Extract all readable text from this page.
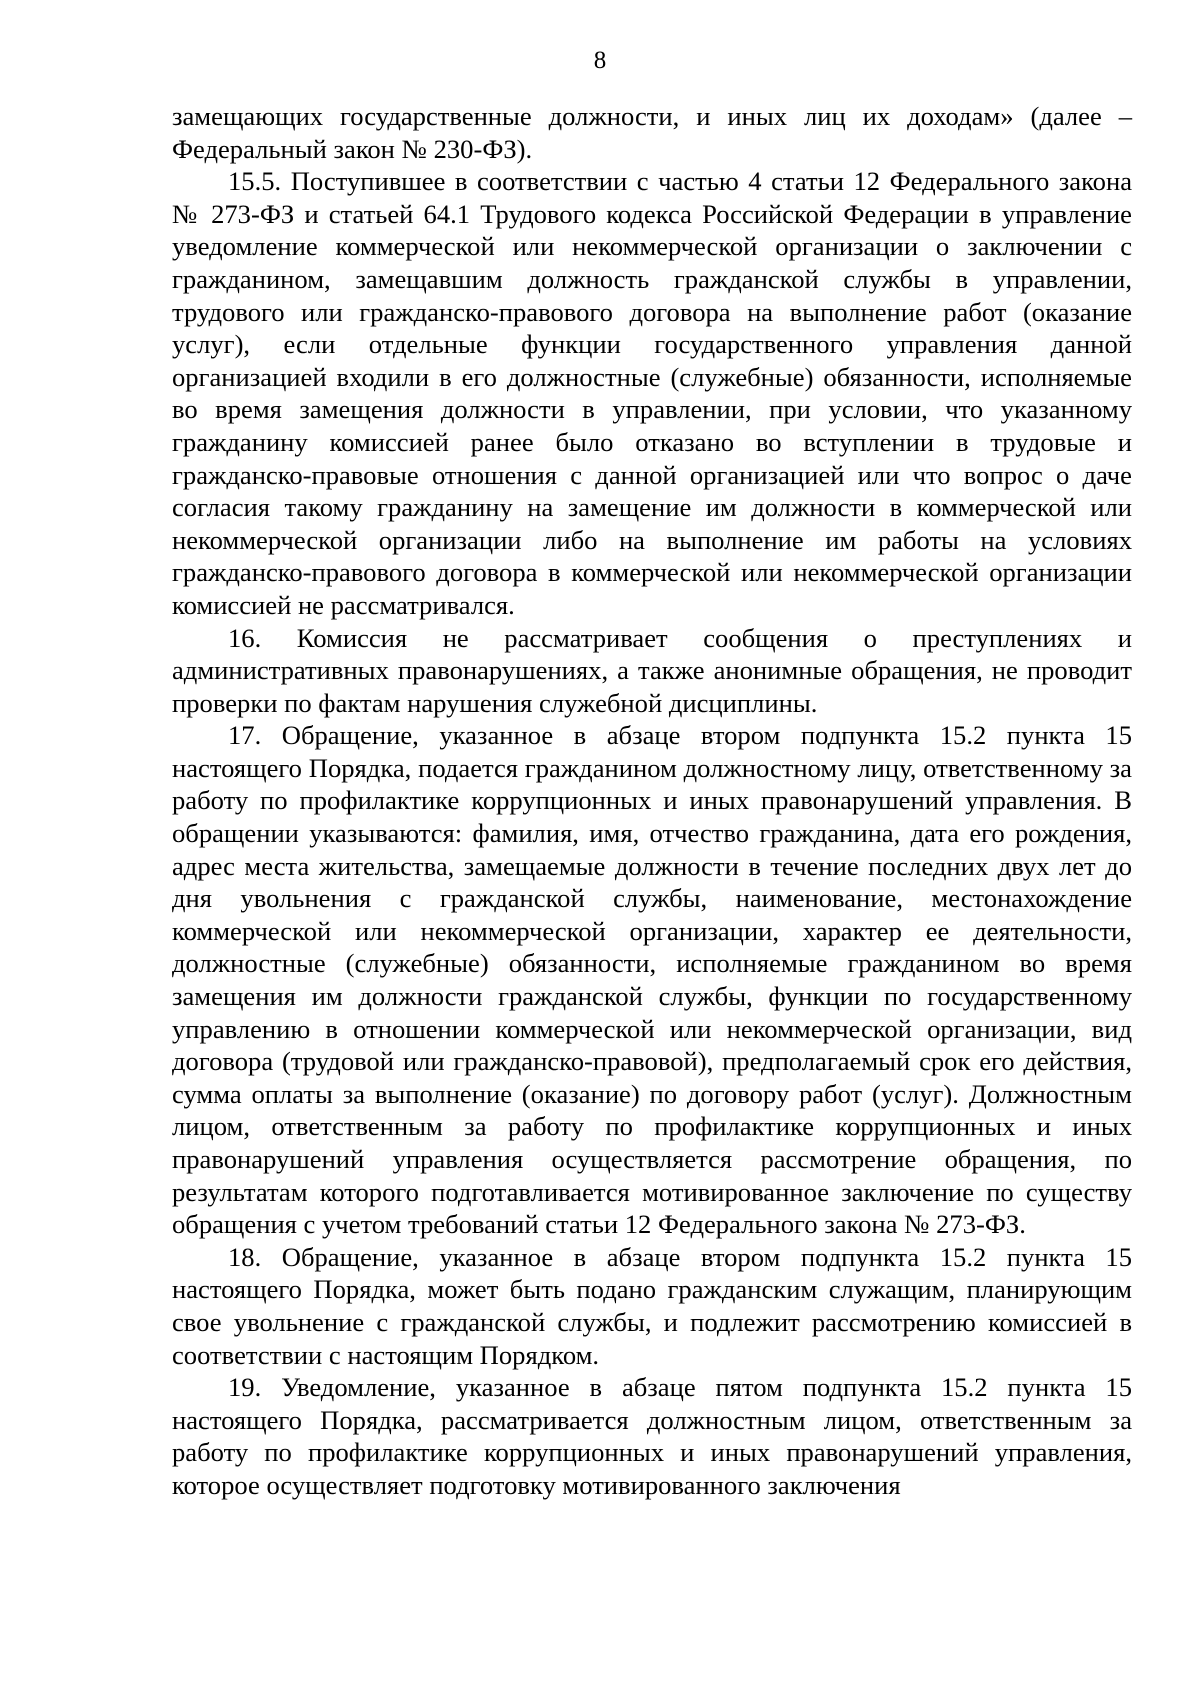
8

замещающих государственные должности, и иных лиц их доходам» (далее – Федеральный закон № 230-ФЗ).

15.5. Поступившее в соответствии с частью 4 статьи 12 Федерального закона № 273-ФЗ и статьей 64.1 Трудового кодекса Российской Федерации в управление уведомление коммерческой или некоммерческой организации о заключении с гражданином, замещавшим должность гражданской службы в управлении, трудового или гражданско-правового договора на выполнение работ (оказание услуг), если отдельные функции государственного управления данной организацией входили в его должностные (служебные) обязанности, исполняемые во время замещения должности в управлении, при условии, что указанному гражданину комиссией ранее было отказано во вступлении в трудовые и гражданско-правовые отношения с данной организацией или что вопрос о даче согласия такому гражданину на замещение им должности в коммерческой или некоммерческой организации либо на выполнение им работы на условиях гражданско-правового договора в коммерческой или некоммерческой организации комиссией не рассматривался.

16. Комиссия не рассматривает сообщения о преступлениях и административных правонарушениях, а также анонимные обращения, не проводит проверки по фактам нарушения служебной дисциплины.

17. Обращение, указанное в абзаце втором подпункта 15.2 пункта 15 настоящего Порядка, подается гражданином должностному лицу, ответственному за работу по профилактике коррупционных и иных правонарушений управления. В обращении указываются: фамилия, имя, отчество гражданина, дата его рождения, адрес места жительства, замещаемые должности в течение последних двух лет до дня увольнения с гражданской службы, наименование, местонахождение коммерческой или некоммерческой организации, характер ее деятельности, должностные (служебные) обязанности, исполняемые гражданином во время замещения им должности гражданской службы, функции по государственному управлению в отношении коммерческой или некоммерческой организации, вид договора (трудовой или гражданско-правовой), предполагаемый срок его действия, сумма оплаты за выполнение (оказание) по договору работ (услуг). Должностным лицом, ответственным за работу по профилактике коррупционных и иных правонарушений управления осуществляется рассмотрение обращения, по результатам которого подготавливается мотивированное заключение по существу обращения с учетом требований статьи 12 Федерального закона № 273-ФЗ.

18. Обращение, указанное в абзаце втором подпункта 15.2 пункта 15 настоящего Порядка, может быть подано гражданским служащим, планирующим свое увольнение с гражданской службы, и подлежит рассмотрению комиссией в соответствии с настоящим Порядком.

19. Уведомление, указанное в абзаце пятом подпункта 15.2 пункта 15 настоящего Порядка, рассматривается должностным лицом, ответственным за работу по профилактике коррупционных и иных правонарушений управления, которое осуществляет подготовку мотивированного заключения
